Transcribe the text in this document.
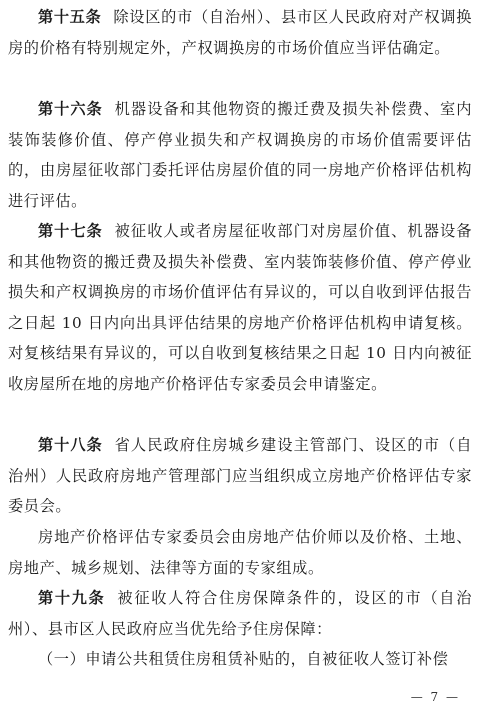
第十五条 除设区的市（自治州）、县市区人民政府对产权调换房的价格有特别规定外，产权调换房的市场价值应当评估确定。

第十六条 机器设备和其他物资的搬迁费及损失补偿费、室内装饰装修价值、停产停业损失和产权调换房的市场价值需要评估的，由房屋征收部门委托评估房屋价值的同一房地产价格评估机构进行评估。

第十七条 被征收人或者房屋征收部门对房屋价值、机器设备和其他物资的搬迁费及损失补偿费、室内装饰装修价值、停产停业损失和产权调换房的市场价值评估有异议的，可以自收到评估报告之日起 10 日内向出具评估结果的房地产价格评估机构申请复核。对复核结果有异议的，可以自收到复核结果之日起 10 日内向被征收房屋所在地的房地产价格评估专家委员会申请鉴定。

第十八条 省人民政府住房城乡建设主管部门、设区的市（自治州）人民政府房地产管理部门应当组织成立房地产价格评估专家委员会。

房地产价格评估专家委员会由房地产估价师以及价格、土地、房地产、城乡规划、法律等方面的专家组成。

第十九条 被征收人符合住房保障条件的，设区的市（自治州）、县市区人民政府应当优先给予住房保障：

（一）申请公共租赁住房租赁补贴的，自被征收人签订补偿

— 7 —
